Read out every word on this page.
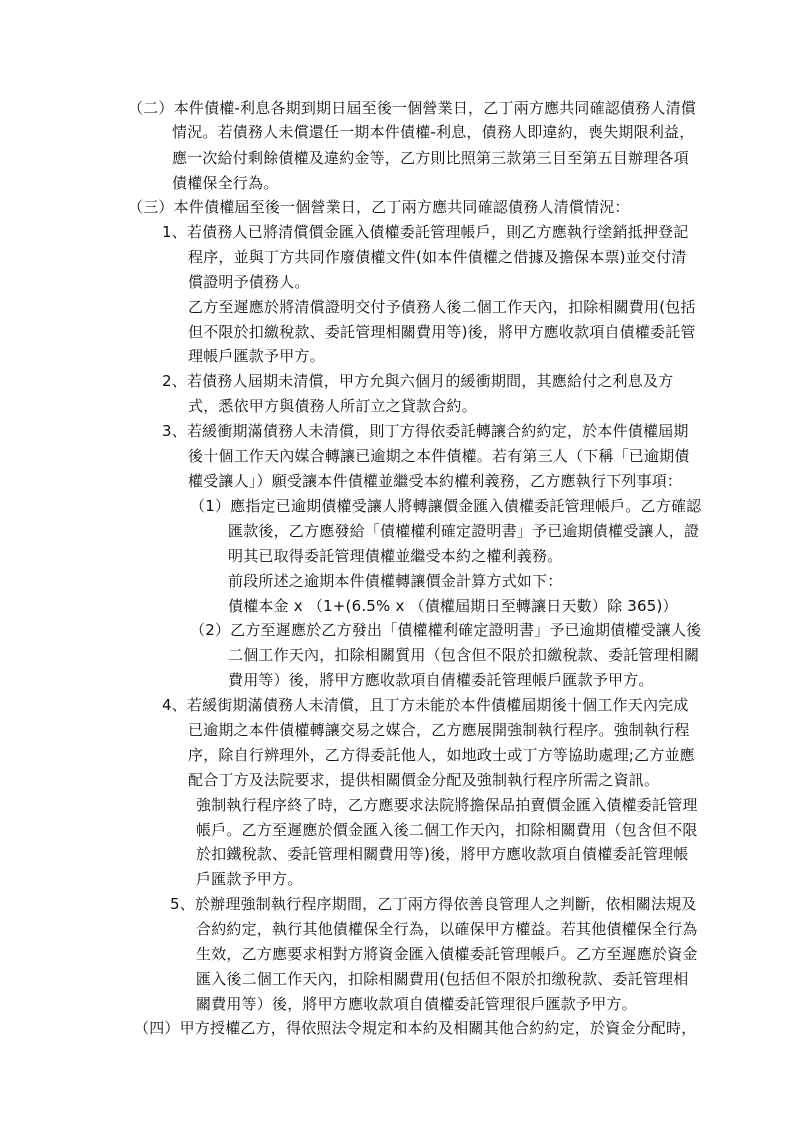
（二）本件債權-利息各期到期日屆至後一個營業日，乙丁兩方應共同確認債務人清償

情況。若債務人未償還任一期本件債權-利息，債務人即違約，喪失期限利益，

應一次給付剩餘債權及違約金等，乙方則比照第三款第三目至第五目辦理各項

債權保全行為。

（三）本件債權屆至後一個營業日，乙丁兩方應共同確認債務人清償情況：

1、若債務人已將清償價金匯入債權委託管理帳戶，則乙方應執行塗銷抵押登記

程序，並與丁方共同作廢債權文件(如本件債權之借據及擔保本票)並交付清

償證明予債務人。

乙方至遲應於將清償證明交付予債務人後二個工作天內，扣除相關費用(包括

但不限於扣繳稅款、委託管理相關費用等)後，將甲方應收款項自債權委託管

理帳戶匯款予甲方。

2、若債務人屆期未清償，甲方允與六個月的緩衝期間，其應給付之利息及方

式，悉依甲方與債務人所訂立之貸款合約。

3、若緩衝期滿債務人未清償，則丁方得依委託轉讓合約約定，於本件債權屆期

後十個工作天內媒合轉讓已逾期之本件債權。若有第三人（下稱「已逾期債

權受讓人」）願受讓本件債權並繼受本約權利義務，乙方應執行下列事項：

（1）應指定已逾期債權受讓人將轉讓價金匯入債權委託管理帳戶。乙方確認

匯款後，乙方應發給「債權權利確定證明書」予已逾期債權受讓人，證

明其已取得委託管理債權並繼受本約之權利義務。

前段所述之逾期本件債權轉讓價金計算方式如下：

債權本金 x （1+(6.5% x （債權屆期日至轉讓日天數）除 365)）

（2）乙方至遲應於乙方發出「債權權利確定證明書」予已逾期債權受讓人後

二個工作天內，扣除相關質用（包含但不限於扣繳稅款、委託管理相關

費用等）後，將甲方應收款項自倩權委託管理帳戶匯款予甲方。

4、若緩街期滿債務人未清償，且丁方未能於本件債權屆期後十個工作天內完成

已逾期之本件債權轉讓交易之媒合，乙方應展開強制執行程序。強制執行程

序，除自行辨理外，乙方得委託他人，如地政士或丁方等協助處理;乙方並應

配合丁方及法院要求，提供相關價金分配及強制執行程序所需之資訊。

強制執行程序終了時，乙方應要求法院將擔保品拍賣價金匯入債權委託管理

帳戶。乙方至遲應於價金匯入後二個工作天內，扣除相關費用（包含但不限

於扣鐵稅款、委託管理相關費用等)後，將甲方應收款項自債權委託管理帳

戶匯款予甲方。

5、於辦理強制執行程序期間，乙丁兩方得依善良管理人之判斷，依相關法規及

合約約定，執行其他債權保全行為，以確保甲方權益。若其他債權保全行為

生效，乙方應要求相對方將資金匯入債權委託管理帳戶。乙方至遲應於資金

匯入後二個工作天內，扣除相關費用(包括但不限於扣缴稅款、委託管理相

關費用等）後，將甲方應收款項自債權委託管理很戶匯款予甲方。

（四）甲方授權乙方，得依照法令規定和本約及相關其他合約約定，於資金分配時，
